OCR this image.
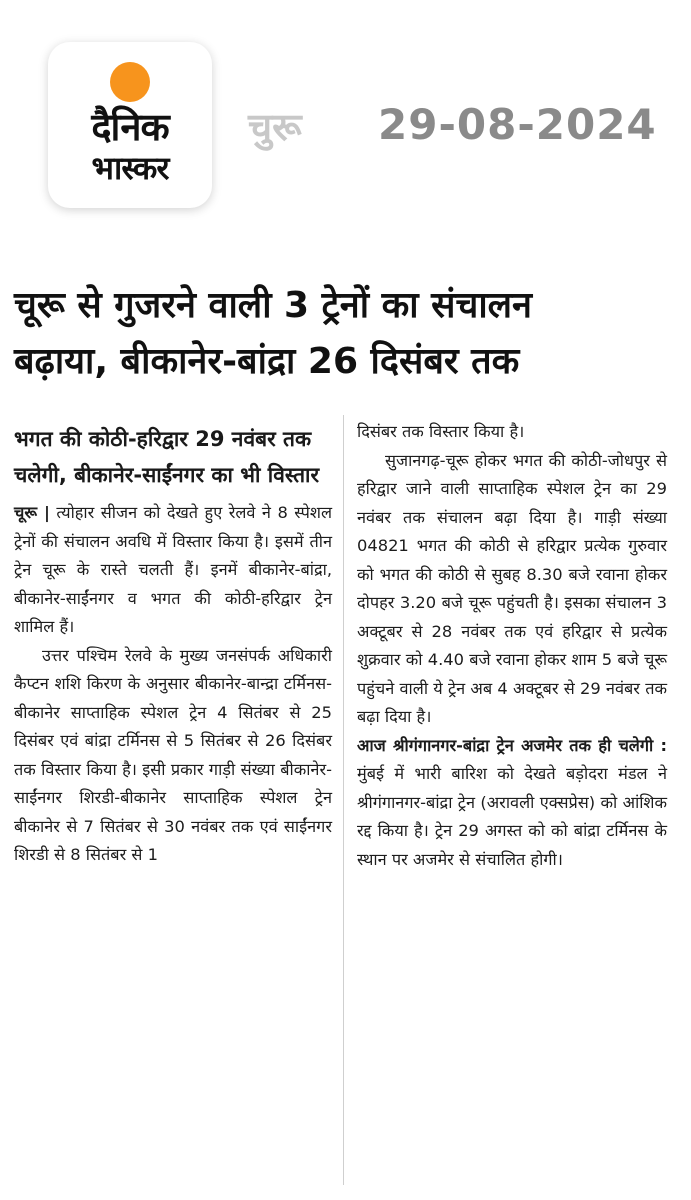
दैनिक
भास्कर
चुरू 29-08-2024
चूरू से गुजरने वाली 3 ट्रेनों का संचालन
बढ़ाया, बीकानेर-बांद्रा 26 दिसंबर तक
भगत की कोठी-हरिद्वार 29 नवंबर तक चलेगी, बीकानेर-साईंनगर का भी विस्तार

चूरू | त्योहार सीजन को देखते हुए रेलवे ने 8 स्पेशल ट्रेनों की संचालन अवधि में विस्तार किया है। इसमें तीन ट्रेन चूरू के रास्ते चलती हैं। इनमें बीकानेर-बांद्रा, बीकानेर-साईंनगर व भगत की कोठी-हरिद्वार ट्रेन शामिल हैं।

उत्तर पश्चिम रेलवे के मुख्य जनसंपर्क अधिकारी कैप्टन शशि किरण के अनुसार बीकानेर-बान्द्रा टर्मिनस- बीकानेर साप्ताहिक स्पेशल ट्रेन 4 सितंबर से 25 दिसंबर एवं बांद्रा टर्मिनस से 5 सितंबर से 26 दिसंबर तक विस्तार किया है। इसी प्रकार गाड़ी संख्या बीकानेर-साईंनगर शिरडी-बीकानेर साप्ताहिक स्पेशल ट्रेन बीकानेर से 7 सितंबर से 30 नवंबर तक एवं साईंनगर शिरडी से 8 सितंबर से 1

दिसंबर तक विस्तार किया है।

सुजानगढ़-चूरू होकर भगत की कोठी-जोधपुर से हरिद्वार जाने वाली साप्ताहिक स्पेशल ट्रेन का 29 नवंबर तक संचालन बढ़ा दिया है। गाड़ी संख्या 04821 भगत की कोठी से हरिद्वार प्रत्येक गुरुवार को भगत की कोठी से सुबह 8.30 बजे रवाना होकर दोपहर 3.20 बजे चूरू पहुंचती है। इसका संचालन 3 अक्टूबर से 28 नवंबर तक एवं हरिद्वार से प्रत्येक शुक्रवार को 4.40 बजे रवाना होकर शाम 5 बजे चूरू पहुंचने वाली ये ट्रेन अब 4 अक्टूबर से 29 नवंबर तक बढ़ा दिया है।

आज श्रीगंगानगर-बांद्रा ट्रेन अजमेर तक ही चलेगी : मुंबई में भारी बारिश को देखते बड़ोदरा मंडल ने श्रीगंगानगर-बांद्रा ट्रेन (अरावली एक्सप्रेस) को आंशिक रद्द किया है। ट्रेन 29 अगस्त को को बांद्रा टर्मिनस के स्थान पर अजमेर से संचालित होगी।
